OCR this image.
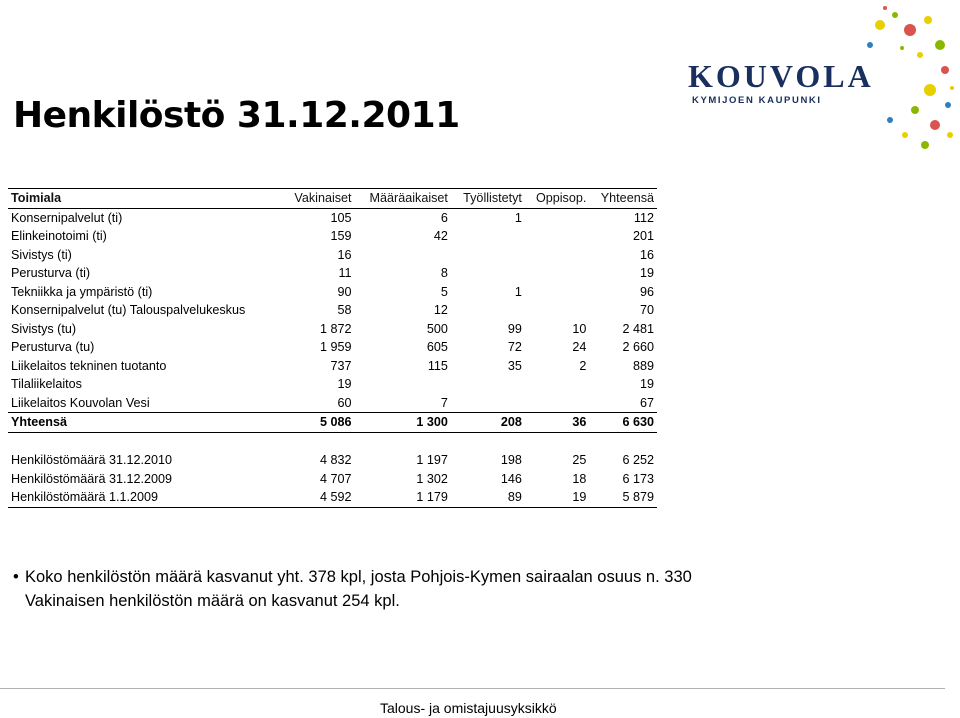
Henkilöstö 31.12.2011
KOUVOLA
KYMIJOEN KAUPUNKI
Toimiala	Vakinaiset	Määräaikaiset	Työllistetyt	Oppisop.	Yhteensä
Konsernipalvelut (ti)	105	6	1		112
Elinkeinotoimi (ti)	159	42			201
Sivistys (ti)	16				16
Perusturva (ti)	11	8			19
Tekniikka ja ympäristö (ti)	90	5	1		96
Konsernipalvelut (tu) Talouspalvelukeskus	58	12			70
Sivistys (tu)	1 872	500	99	10	2 481
Perusturva (tu)	1 959	605	72	24	2 660
Liikelaitos tekninen tuotanto	737	115	35	2	889
Tilaliikelaitos	19				19
Liikelaitos Kouvolan Vesi	60	7			67
Yhteensä	5 086	1 300	208	36	6 630

Henkilöstömäärä 31.12.2010	4 832	1 197	198	25	6 252
Henkilöstömäärä 31.12.2009	4 707	1 302	146	18	6 173
Henkilöstömäärä 1.1.2009	4 592	1 179	89	19	5 879
• Koko henkilöstön määrä kasvanut yht. 378 kpl, josta Pohjois-Kymen sairaalan osuus n. 330
Vakinaisen henkilöstön määrä on kasvanut 254 kpl.
Talous- ja omistajuusyksikkö
